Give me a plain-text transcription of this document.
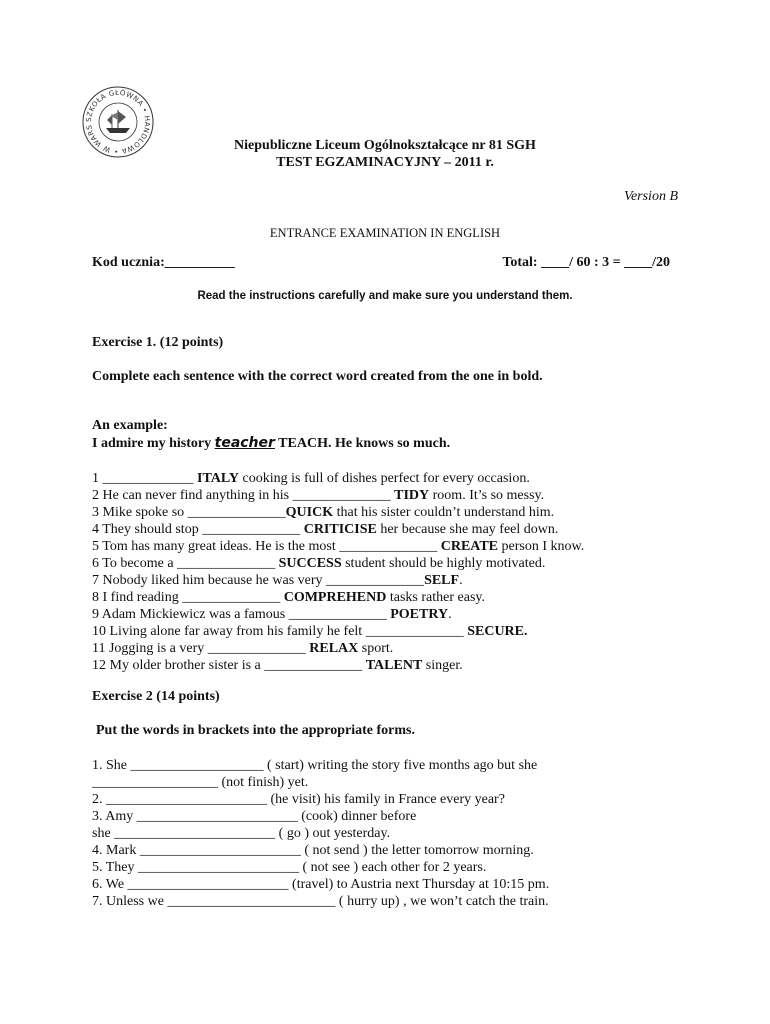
SZKOŁA GŁÓWNA • HANDLOWA • W WARS
Niepubliczne Liceum Ogólnokształcące nr 81 SGH
TEST EGZAMINACYJNY – 2011 r.
Version B
ENTRANCE EXAMINATION IN ENGLISH
Kod ucznia:__________	Total: ____/ 60 : 3 = ____/20
Read the instructions carefully and make sure you understand them.
Exercise 1. (12 points)
Complete each sentence with the correct word created from the one in bold.
An example:
I admire my history teacher TEACH. He knows so much.
1 _____________ ITALY cooking is full of dishes perfect for every occasion.
2 He can never find anything in his ______________ TIDY room. It’s so messy.
3 Mike spoke so ______________QUICK that his sister couldn’t understand him.
4 They should stop ______________ CRITICISE her because she may feel down.
5 Tom has many great ideas. He is the most ______________ CREATE person I know.
6 To become a ______________ SUCCESS student should be highly motivated.
7 Nobody liked him because he was very ______________SELF.
8 I find reading ______________ COMPREHEND tasks rather easy.
9 Adam Mickiewicz was a famous ______________ POETRY.
10 Living alone far away from his family he felt ______________ SECURE.
11 Jogging is a very ______________ RELAX sport.
12 My older brother sister is a ______________ TALENT singer.
Exercise 2 (14 points)
Put the words in brackets into the appropriate forms.
1. She ___________________ ( start) writing the story five months ago but she
__________________ (not finish) yet.
2. _______________________ (he visit) his family in France every year?
3. Amy _______________________ (cook) dinner before
she _______________________ ( go ) out yesterday.
4. Mark _______________________ ( not send ) the letter tomorrow morning.
5. They _______________________ ( not see ) each other for 2 years.
6. We _______________________ (travel) to Austria next Thursday at 10:15 pm.
7. Unless we ________________________ ( hurry up) , we won’t catch the train.
